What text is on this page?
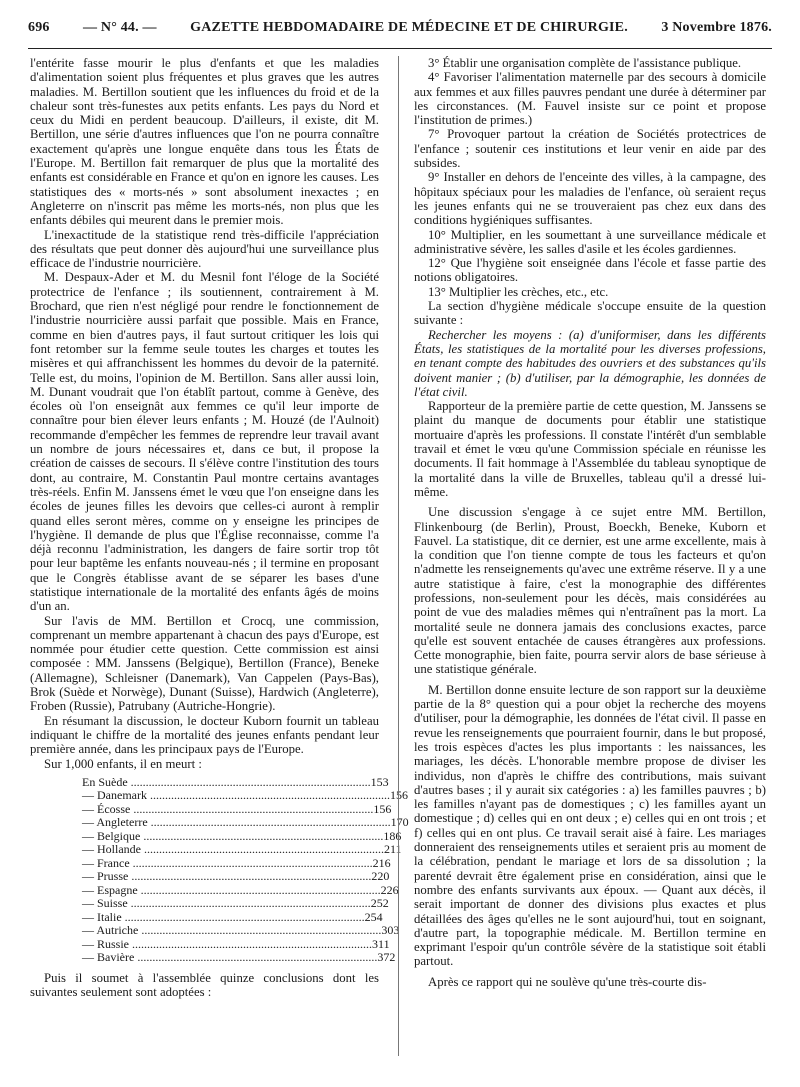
696 — N° 44. — GAZETTE HEBDOMADAIRE DE MÉDECINE ET DE CHIRURGIE. 3 Novembre 1876.

l'entérite fasse mourir le plus d'enfants et que les maladies d'alimentation soient plus fréquentes et plus graves que les autres maladies. M. Bertillon soutient que les influences du froid et de la chaleur sont très-funestes aux petits enfants. Les pays du Nord et ceux du Midi en perdent beaucoup. D'ailleurs, il existe, dit M. Bertillon, une série d'autres influences que l'on ne pourra connaître exactement qu'après une longue enquête dans tous les États de l'Europe. M. Bertillon fait remarquer de plus que la mortalité des enfants est considérable en France et qu'on en ignore les causes. Les statistiques des « morts-nés » sont absolument inexactes ; en Angleterre on n'inscrit pas même les morts-nés, non plus que les enfants débiles qui meurent dans le premier mois.

L'inexactitude de la statistique rend très-difficile l'appréciation des résultats que peut donner dès aujourd'hui une surveillance plus efficace de l'industrie nourricière.

M. Despaux-Ader et M. du Mesnil font l'éloge de la Société protectrice de l'enfance ; ils soutiennent, contrairement à M. Brochard, que rien n'est négligé pour rendre le fonctionnement de l'industrie nourricière aussi parfait que possible. Mais en France, comme en bien d'autres pays, il faut surtout critiquer les lois qui font retomber sur la femme seule toutes les charges et toutes les misères et qui affranchissent les hommes du devoir de la paternité. Telle est, du moins, l'opinion de M. Bertillon. Sans aller aussi loin, M. Dunant voudrait que l'on établît partout, comme à Genève, des écoles où l'on enseignât aux femmes ce qu'il leur importe de connaître pour bien élever leurs enfants ; M. Houzé (de l'Aulnoit) recommande d'empêcher les femmes de reprendre leur travail avant un nombre de jours nécessaires et, dans ce but, il propose la création de caisses de secours. Il s'élève contre l'institution des tours dont, au contraire, M. Constantin Paul montre certains avantages très-réels. Enfin M. Janssens émet le vœu que l'on enseigne dans les écoles de jeunes filles les devoirs que celles-ci auront à remplir quand elles seront mères, comme on y enseigne les principes de l'hygiène. Il demande de plus que l'Église reconnaisse, comme l'a déjà reconnu l'administration, les dangers de faire sortir trop tôt pour leur baptême les enfants nouveau-nés ; il termine en proposant que le Congrès établisse avant de se séparer les bases d'une statistique internationale de la mortalité des enfants âgés de moins d'un an.

Sur l'avis de MM. Bertillon et Crocq, une commission, comprenant un membre appartenant à chacun des pays d'Europe, est nommée pour étudier cette question. Cette commission est ainsi composée : MM. Janssens (Belgique), Bertillon (France), Beneke (Allemagne), Schleisner (Danemark), Van Cappelen (Pays-Bas), Brok (Suède et Norwège), Dunant (Suisse), Hardwich (Angleterre), Froben (Russie), Patrubany (Autriche-Hongrie).

En résumant la discussion, le docteur Kuborn fournit un tableau indiquant le chiffre de la mortalité des jeunes enfants pendant leur première année, dans les principaux pays de l'Europe.

Sur 1,000 enfants, il en meurt :

En Suède ................................................................................ 153
— Danemark ................................................................................ 156
— Écosse ................................................................................ 156
— Angleterre ................................................................................ 170
— Belgique ................................................................................ 186
— Hollande ................................................................................ 211
— France ................................................................................ 216
— Prusse ................................................................................ 220
— Espagne ................................................................................ 226
— Suisse ................................................................................ 252
— Italie ................................................................................ 254
— Autriche ................................................................................ 303
— Russie ................................................................................ 311
— Bavière ................................................................................ 372

Puis il soumet à l'assemblée quinze conclusions dont les suivantes seulement sont adoptées :

3° Établir une organisation complète de l'assistance publique.

4° Favoriser l'alimentation maternelle par des secours à domicile aux femmes et aux filles pauvres pendant une durée à déterminer par les circonstances. (M. Fauvel insiste sur ce point et propose l'institution de primes.)

7° Provoquer partout la création de Sociétés protectrices de l'enfance ; soutenir ces institutions et leur venir en aide par des subsides.

9° Installer en dehors de l'enceinte des villes, à la campagne, des hôpitaux spéciaux pour les maladies de l'enfance, où seraient reçus les jeunes enfants qui ne se trouveraient pas chez eux dans des conditions hygiéniques suffisantes.

10° Multiplier, en les soumettant à une surveillance médicale et administrative sévère, les salles d'asile et les écoles gardiennes.

12° Que l'hygiène soit enseignée dans l'école et fasse partie des notions obligatoires.

13° Multiplier les crèches, etc., etc.

La section d'hygiène médicale s'occupe ensuite de la question suivante :

Rechercher les moyens : (a) d'uniformiser, dans les différents États, les statistiques de la mortalité pour les diverses professions, en tenant compte des habitudes des ouvriers et des substances qu'ils doivent manier ; (b) d'utiliser, par la démographie, les données de l'état civil.

Rapporteur de la première partie de cette question, M. Janssens se plaint du manque de documents pour établir une statistique mortuaire d'après les professions. Il constate l'intérêt d'un semblable travail et émet le vœu qu'une Commission spéciale en réunisse les documents. Il fait hommage à l'Assemblée du tableau synoptique de la mortalité dans la ville de Bruxelles, tableau qu'il a dressé lui-même.

Une discussion s'engage à ce sujet entre MM. Bertillon, Flinkenbourg (de Berlin), Proust, Boeckh, Beneke, Kuborn et Fauvel. La statistique, dit ce dernier, est une arme excellente, mais à la condition que l'on tienne compte de tous les facteurs et qu'on n'admette les renseignements qu'avec une extrême réserve. Il y a une autre statistique à faire, c'est la monographie des différentes professions, non-seulement pour les décès, mais considérées au point de vue des maladies mêmes qui n'entraînent pas la mort. La mortalité seule ne donnera jamais des conclusions exactes, parce qu'elle est souvent entachée de causes étrangères aux professions. Cette monographie, bien faite, pourra servir alors de base sérieuse à une statistique générale.

M. Bertillon donne ensuite lecture de son rapport sur la deuxième partie de la 8° question qui a pour objet la recherche des moyens d'utiliser, pour la démographie, les données de l'état civil. Il passe en revue les renseignements que pourraient fournir, dans le but proposé, les trois espèces d'actes les plus importants : les naissances, les mariages, les décès. L'honorable membre propose de diviser les individus, non d'après le chiffre des contributions, mais suivant d'autres bases ; il y aurait six catégories : a) les familles pauvres ; b) les familles n'ayant pas de domestiques ; c) les familles ayant un domestique ; d) celles qui en ont deux ; e) celles qui en ont trois ; et f) celles qui en ont plus. Ce travail serait aisé à faire. Les mariages donneraient des renseignements utiles et seraient pris au moment de la célébration, pendant le mariage et lors de sa dissolution ; la parenté devrait être également prise en considération, ainsi que le nombre des enfants survivants aux époux. — Quant aux décès, il serait important de donner des divisions plus exactes et plus détaillées des âges qu'elles ne le sont aujourd'hui, tout en soignant, d'autre part, la topographie médicale. M. Bertillon termine en exprimant l'espoir qu'un contrôle sévère de la statistique soit établi partout.

Après ce rapport qui ne soulève qu'une très-courte dis-
